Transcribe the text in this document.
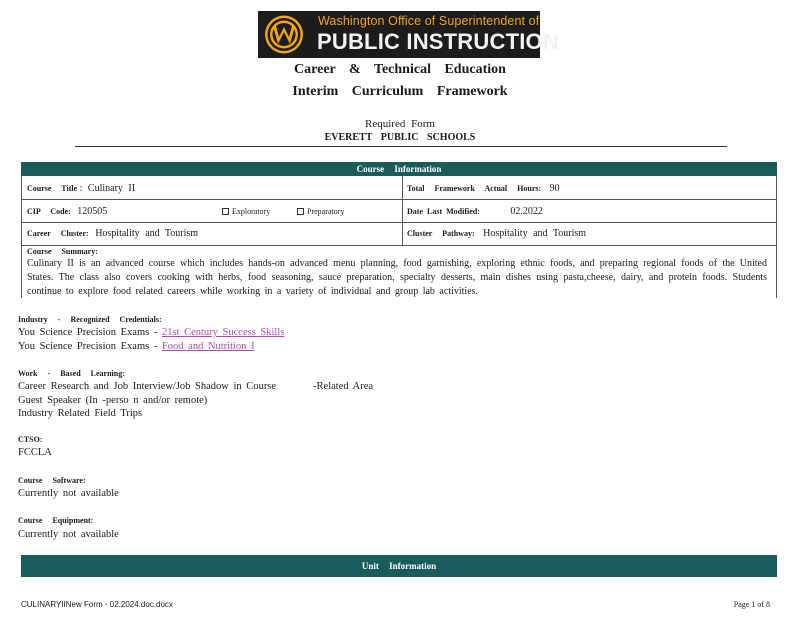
Washington Office of Superintendent of
PUBLIC INSTRUCTION
Career & Technical Education
Interim Curriculum Framework
Required Form
EVERETT PUBLIC SCHOOLS
Course Information
Course Title : Culinary II	Total Framework Actual Hours: 90
CIP Code: 120505	Exploratory	Preparatory	Date Last Modified:	02.2022
Career Cluster: Hospitality and Tourism	Cluster Pathway: Hospitality and Tourism
Course Summary:
Culinary II is an advanced course which includes hands-on advanced menu planning, food garnishing, exploring ethnic foods, and preparing regional foods of the United States. The class also covers cooking with herbs, food seasoning, sauce preparation, specialty desserts, main dishes using pasta,cheese, dairy, and protein foods. Students continue to explore food related careers while working in a variety of individual and group lab activities.
Industry - Recognized Credentials:
You Science Precision Exams - 21st Century Success Skills
You Science Precision Exams - Food and Nutrition I
Work - Based Learning:
Career Research and Job Interview/Job Shadow in Course        -Related Area
Guest Speaker (In -perso n and/or remote)
Industry Related Field Trips
CTSO:
FCCLA
Course Software:
Currently not available
Course Equipment:
Currently not available
Unit Information
CULINARYIINew Form - 02.2024.doc.docx	Page 1 of 8
